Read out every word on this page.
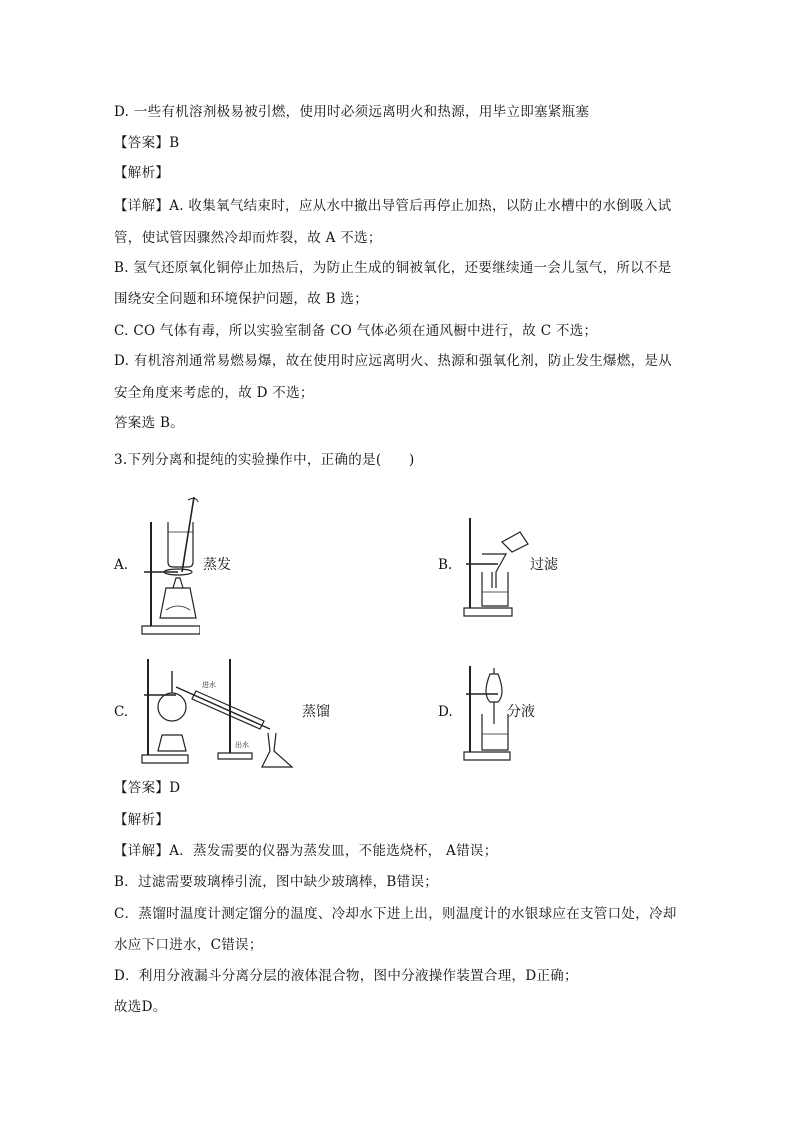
D. 一些有机溶剂极易被引燃，使用时必须远离明火和热源，用毕立即塞紧瓶塞
【答案】B
【解析】
【详解】A. 收集氧气结束时，应从水中撤出导管后再停止加热，以防止水槽中的水倒吸入试
管，使试管因骤然冷却而炸裂，故 A 不选；
B. 氢气还原氧化铜停止加热后，为防止生成的铜被氧化，还要继续通一会儿氢气，所以不是
围绕安全问题和环境保护问题，故 B 选；
C. CO 气体有毒，所以实验室制备 CO 气体必须在通风橱中进行，故 C 不选；
D. 有机溶剂通常易燃易爆，故在使用时应远离明火、热源和强氧化剂，防止发生爆燃，是从
安全角度来考虑的，故 D 不选；
答案选 B。
3.下列分离和提纯的实验操作中，正确的是(　　)
A.	蒸发	B.	过滤
C.	蒸馏	D.	分液
进水
出水
【答案】D
【解析】
【详解】A．蒸发需要的仪器为蒸发皿，不能选烧杯， A错误；
B．过滤需要玻璃棒引流，图中缺少玻璃棒，B错误；
C．蒸馏时温度计测定馏分的温度、冷却水下进上出，则温度计的水银球应在支管口处，冷却
水应下口进水，C错误；
D．利用分液漏斗分离分层的液体混合物，图中分液操作装置合理，D正确；
故选D。
